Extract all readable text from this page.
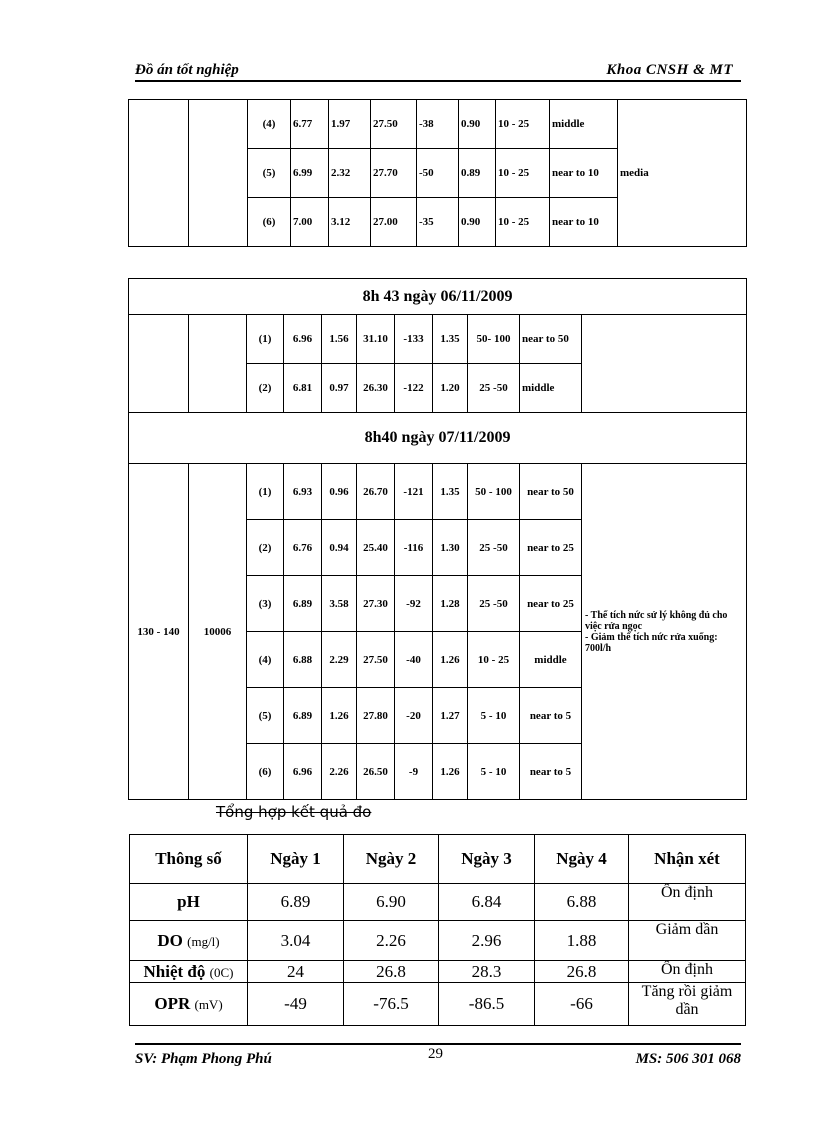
Đồ án tốt nghiệp	Khoa CNSH & MT
		(4)	6.77	1.97	27.50	-38	0.90	10 - 25	middle	media
		(5)	6.99	2.32	27.70	-50	0.89	10 - 25	near to 10	
		(6)	7.00	3.12	27.00	-35	0.90	10 - 25	near to 10	
8h 43 ngày 06/11/2009										
		(1)	6.96	1.56	31.10	-133	1.35	50- 100	near to 50	
		(2)	6.81	0.97	26.30	-122	1.20	25 -50	middle	
8h40 ngày 07/11/2009										
130 - 140	10006	(1)	6.93	0.96	26.70	-121	1.35	50 - 100	near to 50	- Thể tích nức sử lý không đủ cho việc rửa ngọc
- Giảm thể tích nức rửa xuống: 700l/h

		(2)	6.76	0.94	25.40	-116	1.30	25 -50	near to 25	
		(3)	6.89	3.58	27.30	-92	1.28	25 -50	near to 25	
		(4)	6.88	2.29	27.50	-40	1.26	10 - 25	middle	
		(5)	6.89	1.26	27.80	-20	1.27	5 - 10	near to 5	
		(6)	6.96	2.26	26.50	-9	1.26	5 - 10	near to 5	
Tổng hợp kết quả đo
Thông số	Ngày 1	Ngày 2	Ngày 3	Ngày 4	Nhận xét
pH	6.89	6.90	6.84	6.88	Ổn định
DO (mg/l)	3.04	2.26	2.96	1.88	Giảm dần
Nhiệt độ (0C)	24	26.8	28.3	26.8	Ổn định
OPR (mV)	-49	-76.5	-86.5	-66	Tăng rồi giảm dần
SV: Phạm Phong Phú	29	MS: 506 301 068
